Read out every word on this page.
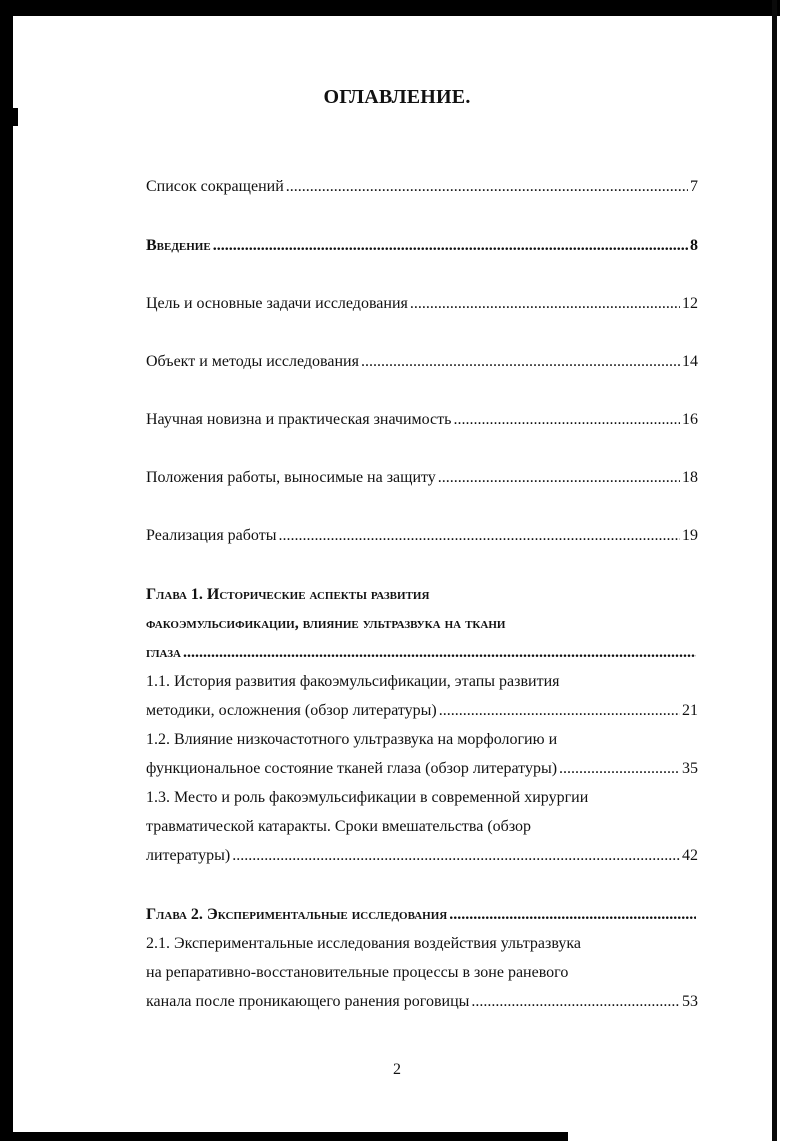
ОГЛАВЛЕНИЕ.
Список сокращений .....	7
Введение .....	8
Цель и основные задачи исследования .....	12
Объект и методы исследования .....	14
Научная новизна и практическая значимость .....	16
Положения работы, выносимые на защиту .....	18
Реализация работы .....	19
Глава 1. Исторические аспекты развития
факоэмульсификации, влияние ультразвука на ткани
глаза
.....
1.1. История развития факоэмульсификации, этапы развития
методики, осложнения (обзор литературы) .....	21
1.2. Влияние низкочастотного ультразвука на морфологию и
функциональное состояние тканей глаза (обзор литературы) .....	35
1.3. Место и роль факоэмульсификации в современной хирургии
травматической катаракты. Сроки вмешательства (обзор
литературы) .....	42
Глава 2. Экспериментальные исследования
.....
2.1. Экспериментальные исследования воздействия ультразвука
на репаративно-восстановительные процессы в зоне раневого
канала после проникающего ранения роговицы .....	53
2
